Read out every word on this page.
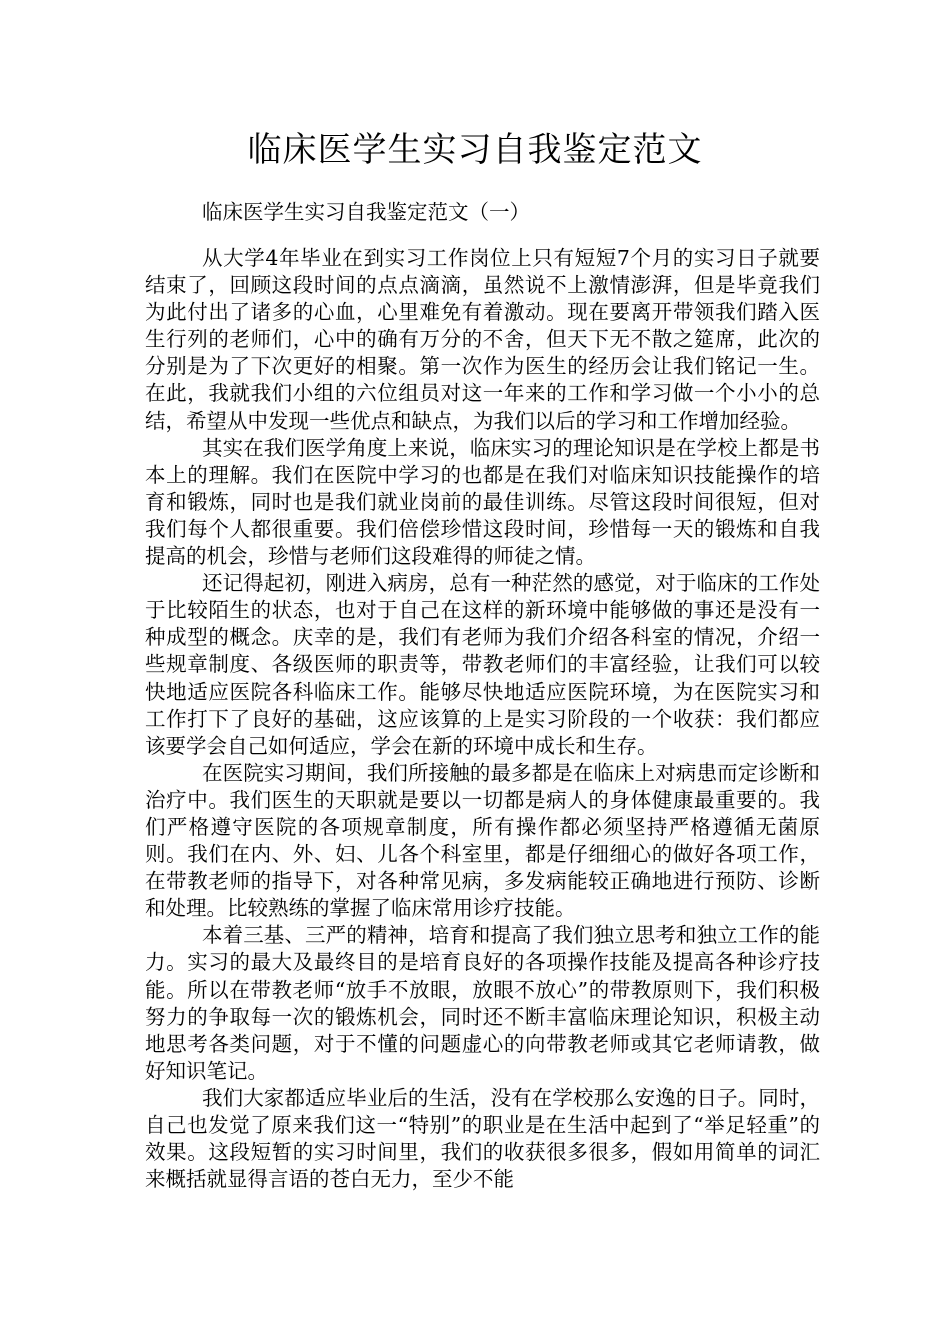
临床医学生实习自我鉴定范文

临床医学生实习自我鉴定范文（一）

从大学4年毕业在到实习工作岗位上只有短短7个月的实习日子就要结束了，回顾这段时间的点点滴滴，虽然说不上激情澎湃，但是毕竟我们为此付出了诸多的心血，心里难免有着激动。现在要离开带领我们踏入医生行列的老师们，心中的确有万分的不舍，但天下无不散之筵席，此次的分别是为了下次更好的相聚。第一次作为医生的经历会让我们铭记一生。在此，我就我们小组的六位组员对这一年来的工作和学习做一个小小的总结，希望从中发现一些优点和缺点，为我们以后的学习和工作增加经验。

其实在我们医学角度上来说，临床实习的理论知识是在学校上都是书本上的理解。我们在医院中学习的也都是在我们对临床知识技能操作的培育和锻炼，同时也是我们就业岗前的最佳训练。尽管这段时间很短，但对我们每个人都很重要。我们倍偿珍惜这段时间，珍惜每一天的锻炼和自我提高的机会，珍惜与老师们这段难得的师徒之情。

还记得起初，刚进入病房，总有一种茫然的感觉，对于临床的工作处于比较陌生的状态，也对于自己在这样的新环境中能够做的事还是没有一种成型的概念。庆幸的是，我们有老师为我们介绍各科室的情况，介绍一些规章制度、各级医师的职责等，带教老师们的丰富经验，让我们可以较快地适应医院各科临床工作。能够尽快地适应医院环境，为在医院实习和工作打下了良好的基础，这应该算的上是实习阶段的一个收获：我们都应该要学会自己如何适应，学会在新的环境中成长和生存。

在医院实习期间，我们所接触的最多都是在临床上对病患而定诊断和治疗中。我们医生的天职就是要以一切都是病人的身体健康最重要的。我们严格遵守医院的各项规章制度，所有操作都必须坚持严格遵循无菌原则。我们在内、外、妇、儿各个科室里，都是仔细细心的做好各项工作，在带教老师的指导下，对各种常见病，多发病能较正确地进行预防、诊断和处理。比较熟练的掌握了临床常用诊疗技能。

本着三基、三严的精神，培育和提高了我们独立思考和独立工作的能力。实习的最大及最终目的是培育良好的各项操作技能及提高各种诊疗技能。所以在带教老师“放手不放眼，放眼不放心”的带教原则下，我们积极努力的争取每一次的锻炼机会，同时还不断丰富临床理论知识，积极主动地思考各类问题，对于不懂的问题虚心的向带教老师或其它老师请教，做好知识笔记。

我们大家都适应毕业后的生活，没有在学校那么安逸的日子。同时，自己也发觉了原来我们这一“特别”的职业是在生活中起到了“举足轻重”的效果。这段短暂的实习时间里，我们的收获很多很多，假如用简单的词汇来概括就显得言语的苍白无力，至少不能
